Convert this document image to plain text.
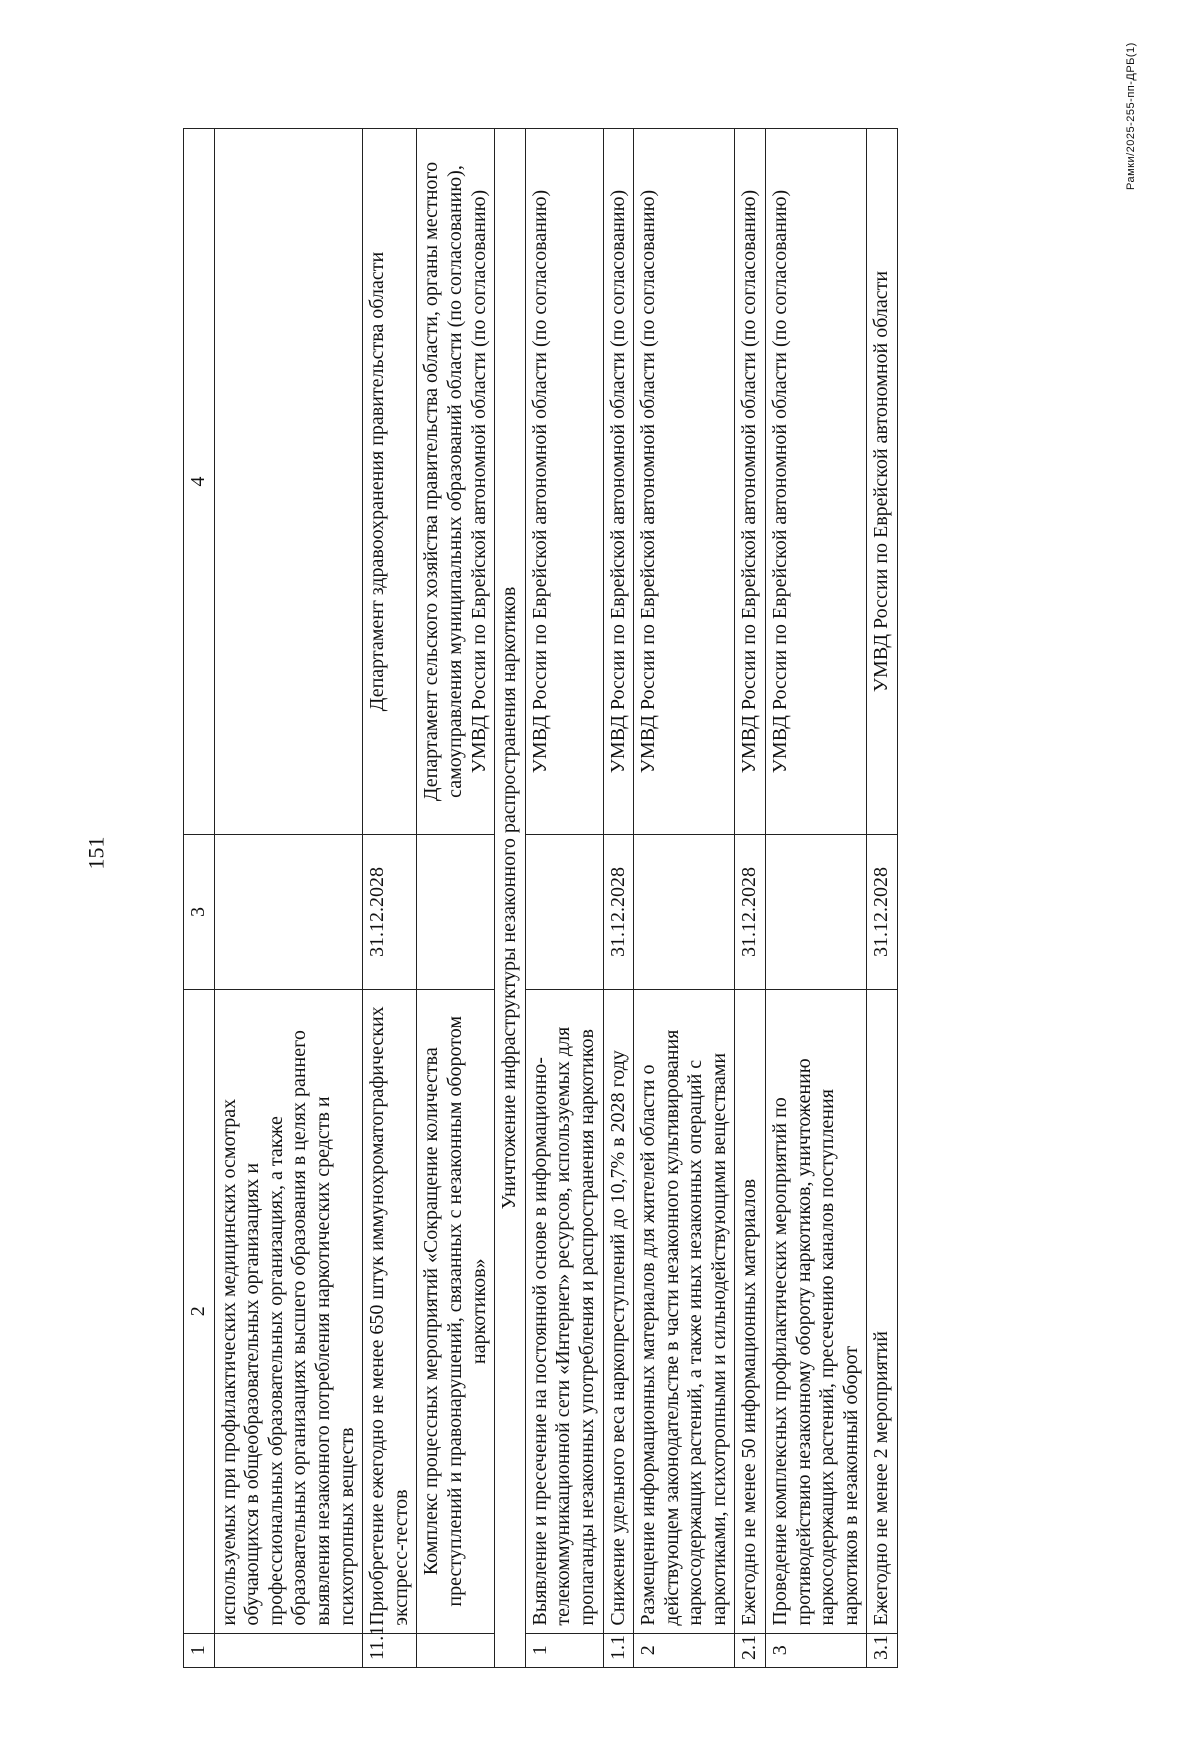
151
Рамки/2025-255-пп-ДРБ(1)
1	2	3	4
	используемых при профилактических медицинских осмотрах обучающихся в общеобразовательных организациях и профессиональных образовательных организациях, а также образовательных организациях высшего образования в целях раннего выявления незаконного потребления наркотических средств и психотропных веществ		
11.1	Приобретение ежегодно не менее 650 штук иммунохроматографических экспресс-тестов	31.12.2028	Департамент здравоохранения правительства области
	Комплекс процессных мероприятий «Сокращение количества преступлений и правонарушений, связанных с незаконным оборотом наркотиков»		Департамент сельского хозяйства правительства области, органы местного самоуправления муниципальных образований области (по согласованию), УМВД России по Еврейской автономной области (по согласованию)
Уничтожение инфраструктуры незаконного распространения наркотиков			
1	Выявление и пресечение на постоянной основе в информационно-телекоммуникационной сети «Интернет» ресурсов, используемых для пропаганды незаконных употребления и распространения наркотиков		УМВД России по Еврейской автономной области (по согласованию)
1.1	Снижение удельного веса наркопреступлений до 10,7% в 2028 году	31.12.2028	УМВД России по Еврейской автономной области (по согласованию)
2	Размещение информационных материалов для жителей области о действующем законодательстве в части незаконного культивирования наркосодержащих растений, а также иных незаконных операций с наркотиками, психотропными и сильнодействующими веществами		УМВД России по Еврейской автономной области (по согласованию)
2.1	Ежегодно не менее 50 информационных материалов	31.12.2028	УМВД России по Еврейской автономной области (по согласованию)
3	Проведение комплексных профилактических мероприятий по противодействию незаконному обороту наркотиков, уничтожению наркосодержащих растений, пресечению каналов поступления наркотиков в незаконный оборот		УМВД России по Еврейской автономной области (по согласованию)
3.1	Ежегодно не менее 2 мероприятий	31.12.2028	УМВД России по Еврейской автономной области
